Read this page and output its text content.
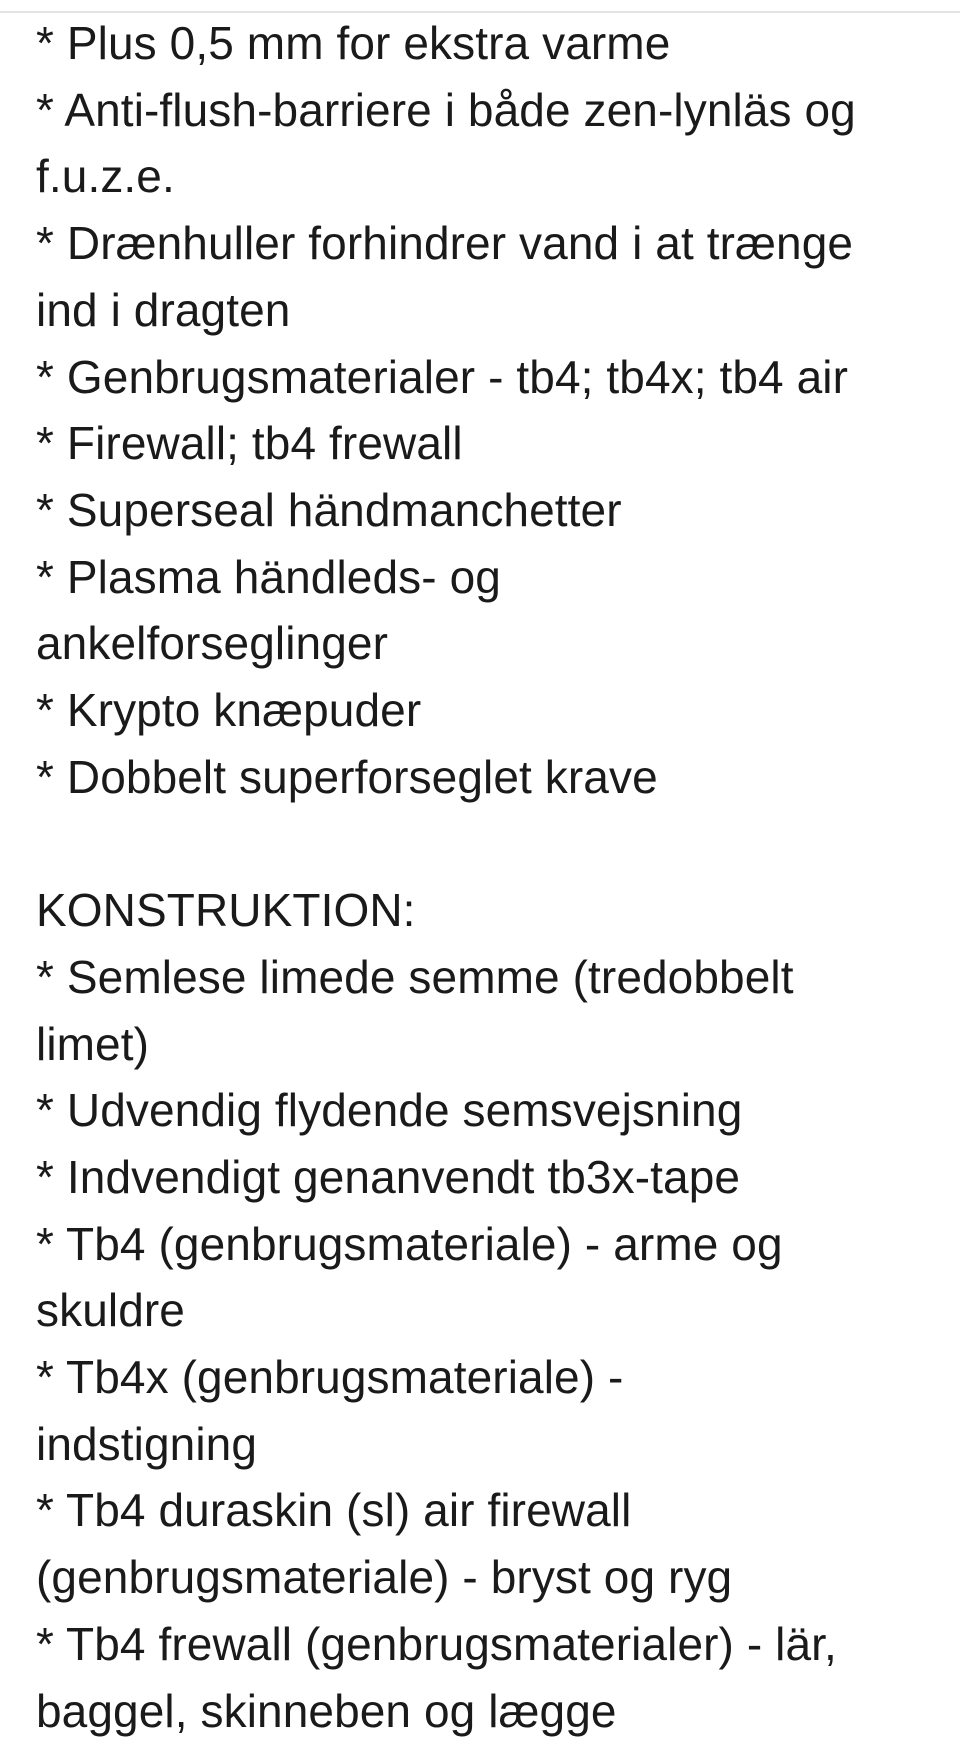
* Plus 0,5 mm for ekstra varme
* Anti-flush-barriere i både zen-lynläs og
f.u.z.e.
* Drænhuller forhindrer vand i at trænge
ind i dragten
* Genbrugsmaterialer - tb4; tb4x; tb4 air
* Firewall; tb4 frewall
* Superseal händmanchetter
* Plasma händleds- og
ankelforseglinger
* Krypto knæpuder
* Dobbelt superforseglet krave
KONSTRUKTION:
* Semlese limede semme (tredobbelt
limet)
* Udvendig flydende semsvejsning
* Indvendigt genanvendt tb3x-tape
* Tb4 (genbrugsmateriale) - arme og
skuldre
* Tb4x (genbrugsmateriale) -
indstigning
* Tb4 duraskin (sl) air firewall
(genbrugsmateriale) - bryst og ryg
* Tb4 frewall (genbrugsmaterialer) - lär,
baggel, skinneben og lægge
